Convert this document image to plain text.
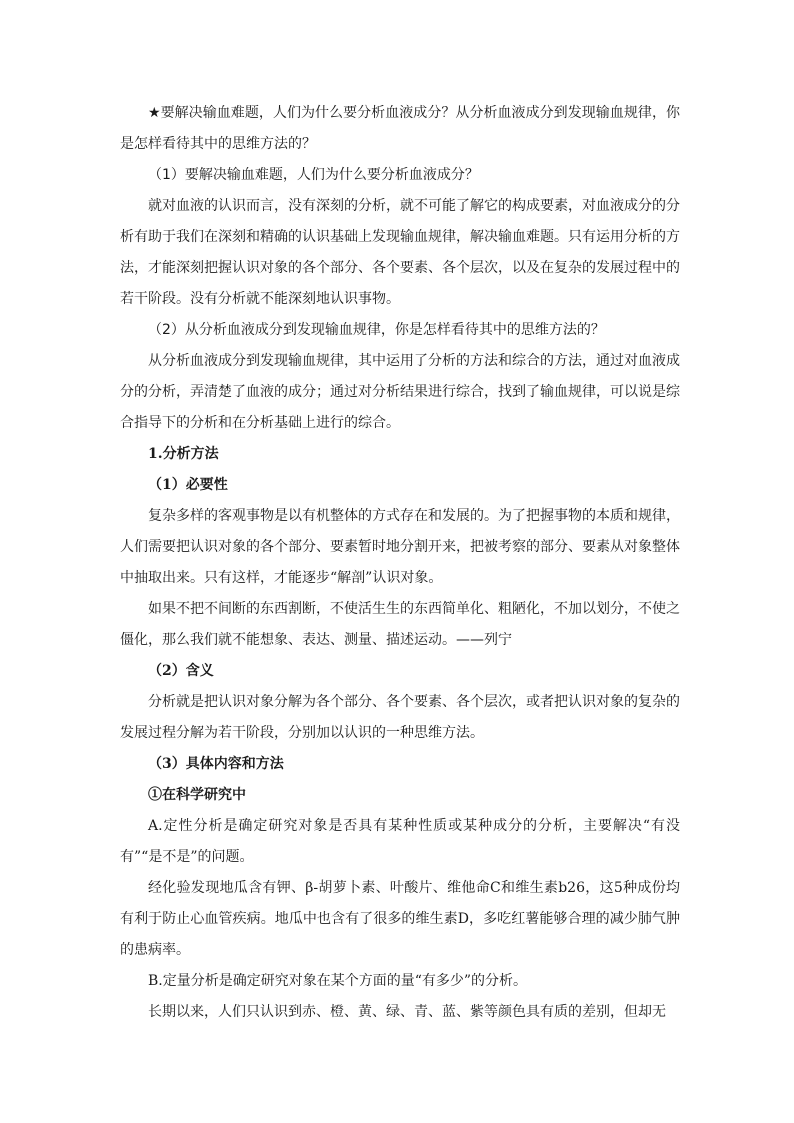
★要解决输血难题，人们为什么要分析血液成分？从分析血液成分到发现输血规律，你是怎样看待其中的思维方法的？

（1）要解决输血难题，人们为什么要分析血液成分？

就对血液的认识而言，没有深刻的分析，就不可能了解它的构成要素，对血液成分的分析有助于我们在深刻和精确的认识基础上发现输血规律，解决输血难题。只有运用分析的方法，才能深刻把握认识对象的各个部分、各个要素、各个层次，以及在复杂的发展过程中的若干阶段。没有分析就不能深刻地认识事物。

（2）从分析血液成分到发现输血规律，你是怎样看待其中的思维方法的？

从分析血液成分到发现输血规律，其中运用了分析的方法和综合的方法，通过对血液成分的分析，弄清楚了血液的成分；通过对分析结果进行综合，找到了输血规律，可以说是综合指导下的分析和在分析基础上进行的综合。

1.分析方法

（1）必要性

复杂多样的客观事物是以有机整体的方式存在和发展的。为了把握事物的本质和规律，人们需要把认识对象的各个部分、要素暂时地分割开来，把被考察的部分、要素从对象整体中抽取出来。只有这样，才能逐步“解剖”认识对象。

如果不把不间断的东西割断，不使活生生的东西简单化、粗陋化，不加以划分，不使之僵化，那么我们就不能想象、表达、测量、描述运动。——列宁

（2）含义

分析就是把认识对象分解为各个部分、各个要素、各个层次，或者把认识对象的复杂的发展过程分解为若干阶段，分别加以认识的一种思维方法。

（3）具体内容和方法

①在科学研究中

A.定性分析是确定研究对象是否具有某种性质或某种成分的分析，主要解决“有没有”“是不是”的问题。

经化验发现地瓜含有钾、β-胡萝卜素、叶酸片、维他命C和维生素b26，这5种成份均有利于防止心血管疾病。地瓜中也含有了很多的维生素D，多吃红薯能够合理的减少肺气肿的患病率。

B.定量分析是确定研究对象在某个方面的量“有多少”的分析。

长期以来，人们只认识到赤、橙、黄、绿、青、蓝、紫等颜色具有质的差别，但却无
